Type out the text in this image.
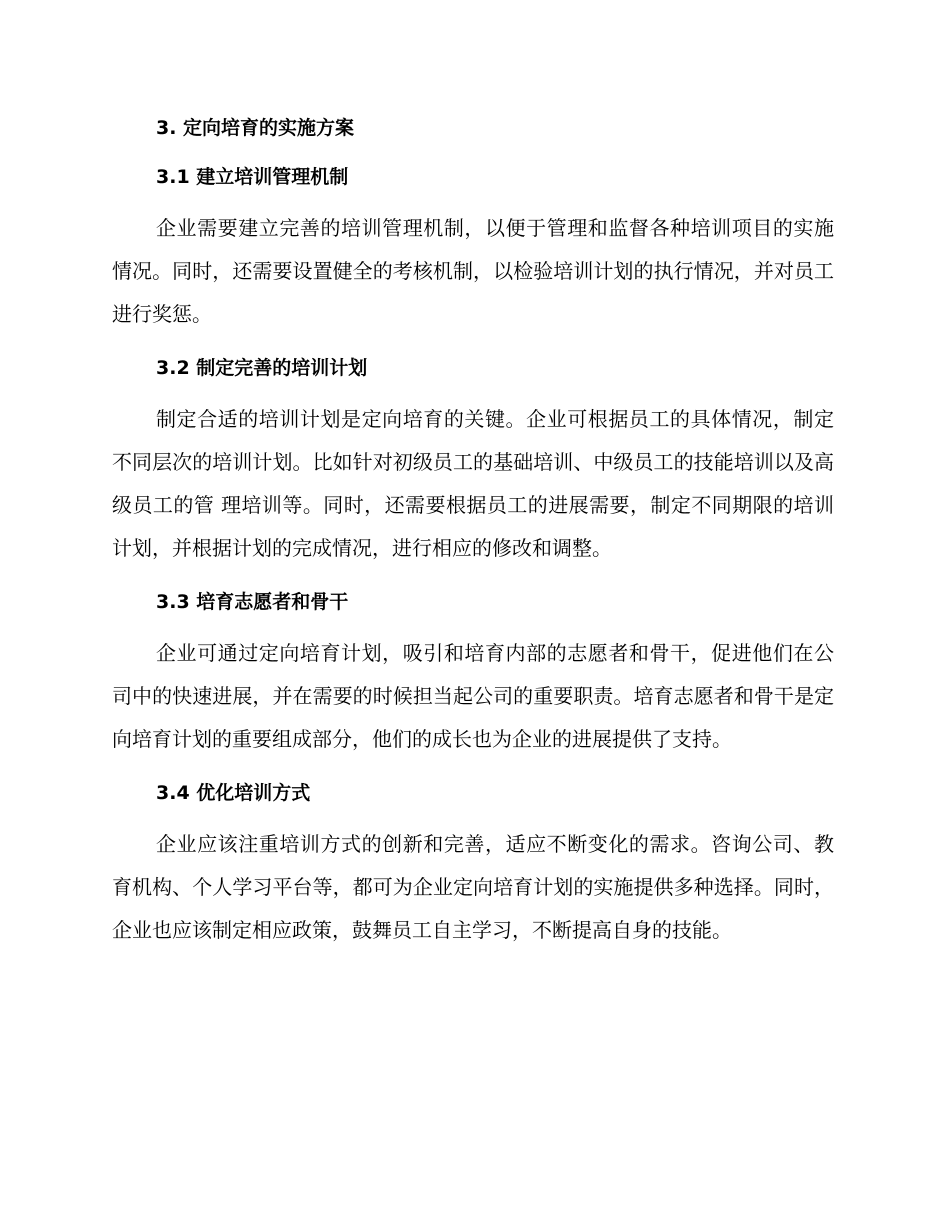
3. 定向培育的实施方案
3.1 建立培训管理机制

企业需要建立完善的培训管理机制，以便于管理和监督各种培训项目的实施情况。同时，还需要设置健全的考核机制，以检验培训计划的执行情况，并对员工进行奖惩。

3.2 制定完善的培训计划

制定合适的培训计划是定向培育的关键。企业可根据员工的具体情况，制定不同层次的培训计划。比如针对初级员工的基础培训、中级员工的技能培训以及高级员工的管 理培训等。同时，还需要根据员工的进展需要，制定不同期限的培训计划，并根据计划的完成情况，进行相应的修改和调整。

3.3 培育志愿者和骨干

企业可通过定向培育计划，吸引和培育内部的志愿者和骨干，促进他们在公司中的快速进展，并在需要的时候担当起公司的重要职责。培育志愿者和骨干是定向培育计划的重要组成部分，他们的成长也为企业的进展提供了支持。

3.4 优化培训方式

企业应该注重培训方式的创新和完善，适应不断变化的需求。咨询公司、教育机构、个人学习平台等，都可为企业定向培育计划的实施提供多种选择。同时，企业也应该制定相应政策，鼓舞员工自主学习，不断提高自身的技能。
